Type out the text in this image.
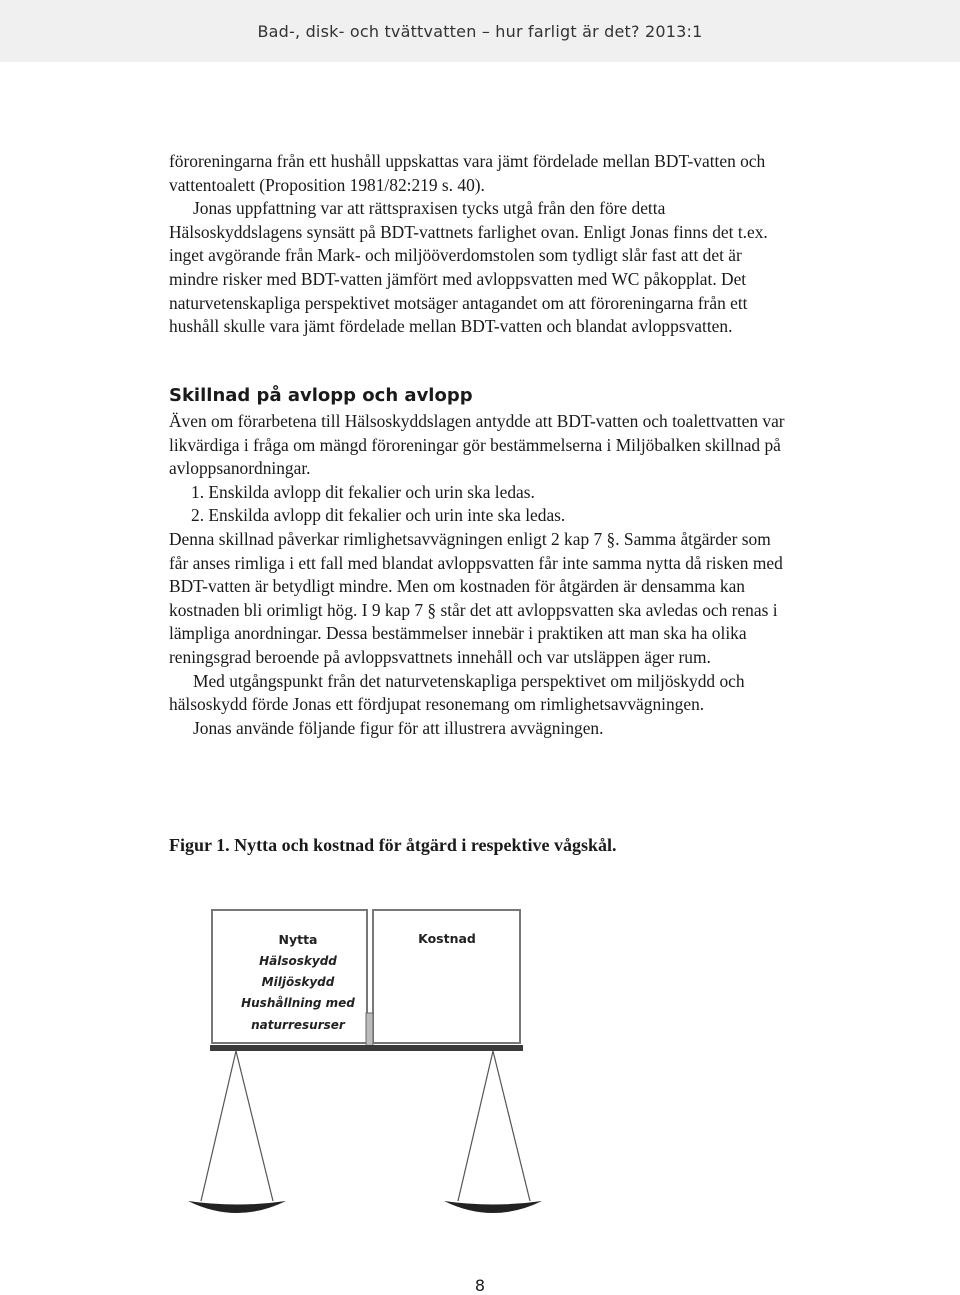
Bad-, disk- och tvättvatten – hur farligt är det? 2013:1

föroreningarna från ett hushåll uppskattas vara jämt fördelade mellan BDT-vatten och vattentoalett (Proposition 1981/82:219 s. 40).

Jonas uppfattning var att rättspraxisen tycks utgå från den före detta Hälsoskyddslagens synsätt på BDT-vattnets farlighet ovan. Enligt Jonas finns det t.ex. inget avgörande från Mark- och miljööverdomstolen som tydligt slår fast att det är mindre risker med BDT-vatten jämfört med avloppsvatten med WC påkopplat. Det naturvetenskapliga perspektivet motsäger antagandet om att föroreningarna från ett hushåll skulle vara jämt fördelade mellan BDT-vatten och blandat avloppsvatten.

Skillnad på avlopp och avlopp

Även om förarbetena till Hälsoskyddslagen antydde att BDT-vatten och toalettvatten var likvärdiga i fråga om mängd föroreningar gör bestämmelserna i Miljöbalken skillnad på avloppsanordningar.

1. Enskilda avlopp dit fekalier och urin ska ledas.

2. Enskilda avlopp dit fekalier och urin inte ska ledas.

Denna skillnad påverkar rimlighetsavvägningen enligt 2 kap 7 §. Samma åtgärder som får anses rimliga i ett fall med blandat avloppsvatten får inte samma nytta då risken med BDT-vatten är betydligt mindre. Men om kostnaden för åtgärden är densamma kan kostnaden bli orimligt hög. I 9 kap 7 § står det att avloppsvatten ska avledas och renas i lämpliga anordningar. Dessa bestämmelser innebär i praktiken att man ska ha olika reningsgrad beroende på avloppsvattnets innehåll och var utsläppen äger rum.

Med utgångspunkt från det naturvetenskapliga perspektivet om miljöskydd och hälsoskydd förde Jonas ett fördjupat resonemang om rimlighetsavvägningen.

Jonas använde följande figur för att illustrera avvägningen.

Figur 1. Nytta och kostnad för åtgärd i respektive vågskål.
Nytta
Hälsoskydd
Miljöskydd
Hushållning med
naturresurser
Kostnad
8
